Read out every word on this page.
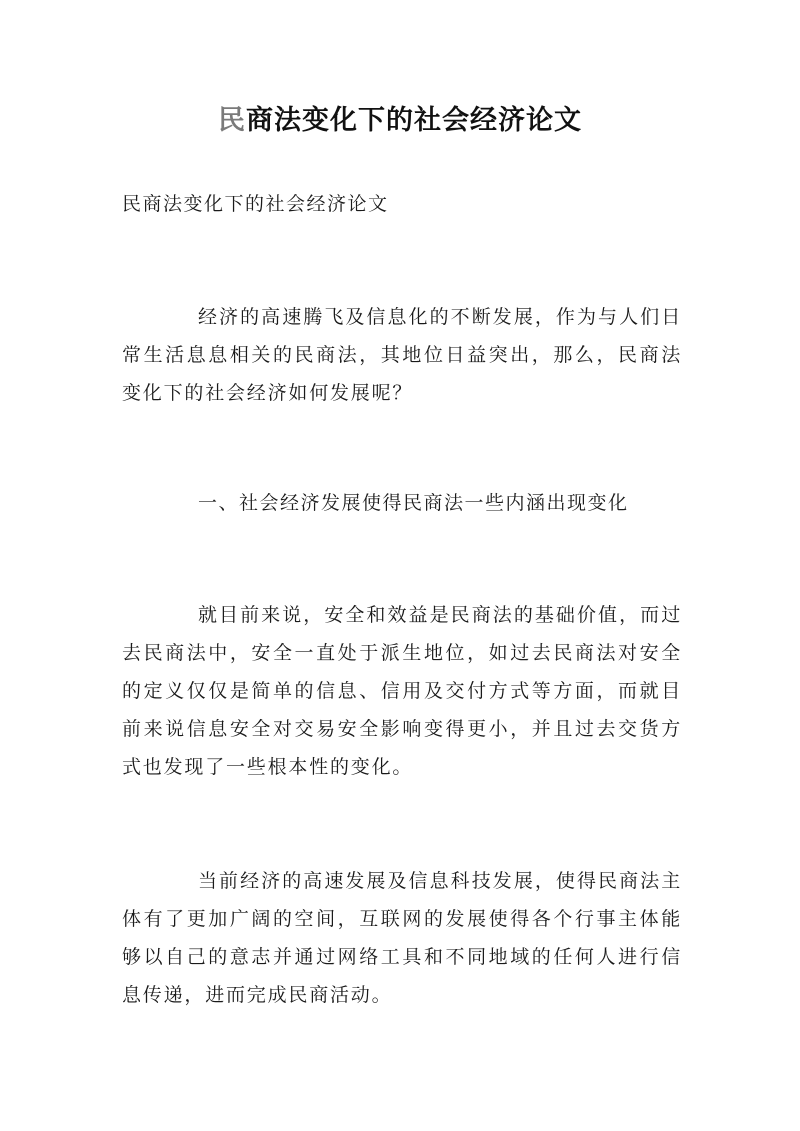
民商法变化下的社会经济论文

民商法变化下的社会经济论文

经济的高速腾飞及信息化的不断发展，作为与人们日常生活息息相关的民商法，其地位日益突出，那么，民商法变化下的社会经济如何发展呢？

一、社会经济发展使得民商法一些内涵出现变化

就目前来说，安全和效益是民商法的基础价值，而过去民商法中，安全一直处于派生地位，如过去民商法对安全的定义仅仅是简单的信息、信用及交付方式等方面，而就目前来说信息安全对交易安全影响变得更小，并且过去交货方式也发现了一些根本性的变化。

当前经济的高速发展及信息科技发展，使得民商法主体有了更加广阔的空间，互联网的发展使得各个行事主体能够以自己的意志并通过网络工具和不同地域的任何人进行信息传递，进而完成民商活动。
